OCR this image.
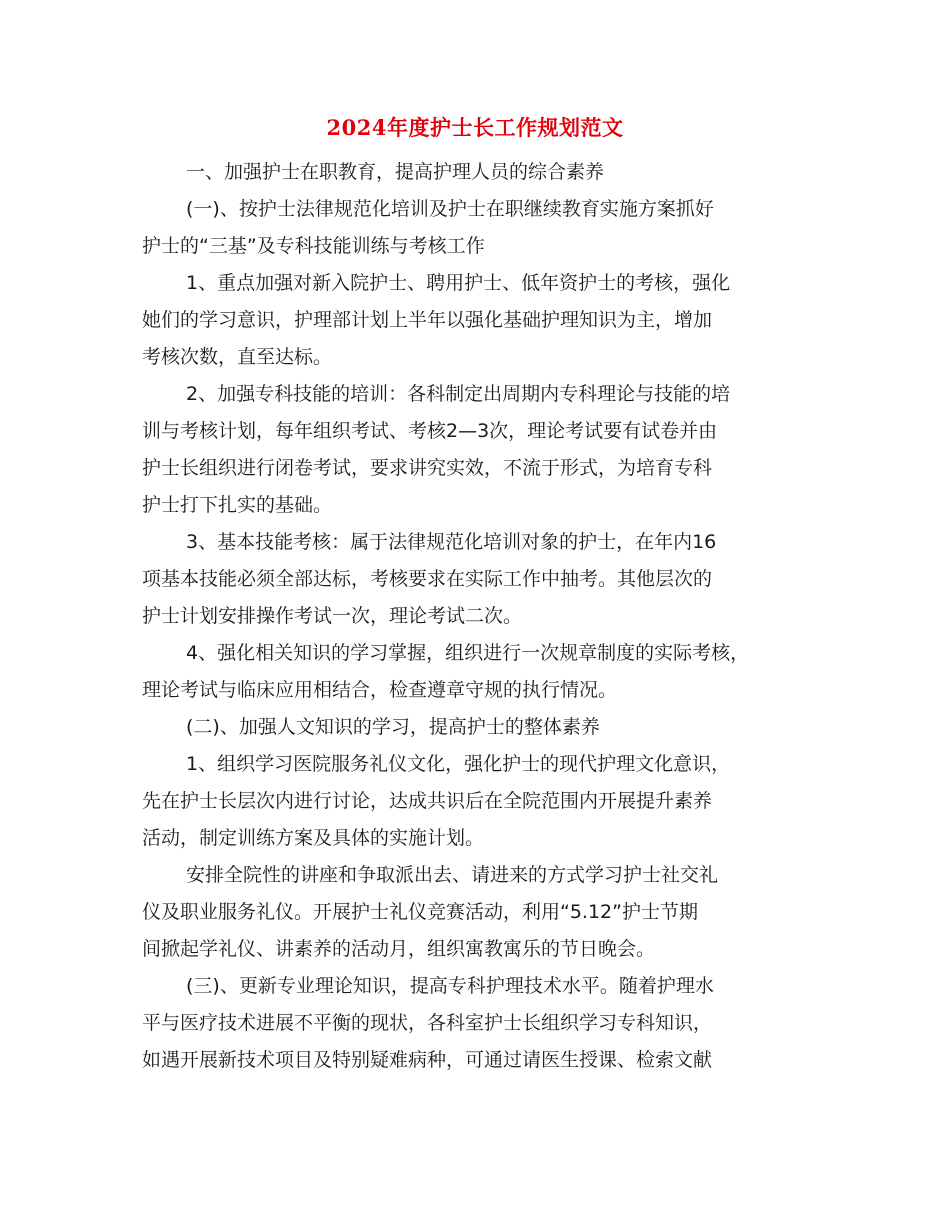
2024年度护士长工作规划范文
一、加强护士在职教育，提高护理人员的综合素养
(一)、按护士法律规范化培训及护士在职继续教育实施方案抓好
护士的“三基”及专科技能训练与考核工作
1、重点加强对新入院护士、聘用护士、低年资护士的考核，强化
她们的学习意识，护理部计划上半年以强化基础护理知识为主，增加
考核次数，直至达标。
2、加强专科技能的培训：各科制定出周期内专科理论与技能的培
训与考核计划，每年组织考试、考核2—3次，理论考试要有试卷并由
护士长组织进行闭卷考试，要求讲究实效，不流于形式，为培育专科
护士打下扎实的基础。
3、基本技能考核：属于法律规范化培训对象的护士，在年内16
项基本技能必须全部达标，考核要求在实际工作中抽考。其他层次的
护士计划安排操作考试一次，理论考试二次。
4、强化相关知识的学习掌握，组织进行一次规章制度的实际考核，
理论考试与临床应用相结合，检查遵章守规的执行情况。
(二)、加强人文知识的学习，提高护士的整体素养
1、组织学习医院服务礼仪文化，强化护士的现代护理文化意识，
先在护士长层次内进行讨论，达成共识后在全院范围内开展提升素养
活动，制定训练方案及具体的实施计划。
安排全院性的讲座和争取派出去、请进来的方式学习护士社交礼
仪及职业服务礼仪。开展护士礼仪竞赛活动，利用“5.12”护士节期
间掀起学礼仪、讲素养的活动月，组织寓教寓乐的节日晚会。
(三)、更新专业理论知识，提高专科护理技术水平。随着护理水
平与医疗技术进展不平衡的现状，各科室护士长组织学习专科知识，
如遇开展新技术项目及特别疑难病种，可通过请医生授课、检索文献
